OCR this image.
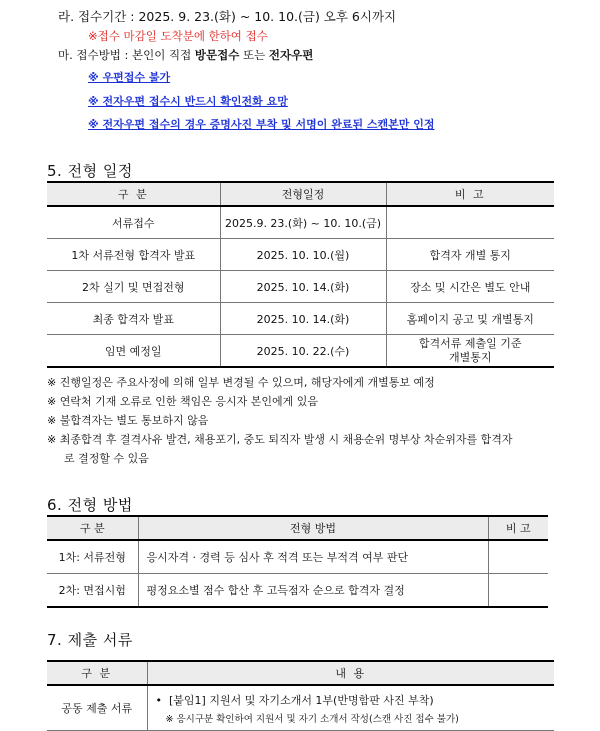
라. 접수기간 : 2025. 9. 23.(화) ~ 10. 10.(금) 오후 6시까지
※접수 마감일 도착분에 한하여 접수
마. 접수방법 : 본인이 직접 방문접수 또는 전자우편
※ 우편접수 불가
※ 전자우편 접수시 반드시 확인전화 요망
※ 전자우편 접수의 경우 증명사진 부착 및 서명이 완료된 스캔본만 인정
5. 전형 일정
구 분	전형일정	비 고
서류접수	2025.9. 23.(화) ~ 10. 10.(금)	
1차 서류전형 합격자 발표	2025. 10. 10.(월)	합격자 개별 통지
2차 실기 및 면접전형	2025. 10. 14.(화)	장소 및 시간은 별도 안내
최종 합격자 발표	2025. 10. 14.(화)	홈페이지 공고 및 개별통지
임면 예정일	2025. 10. 22.(수)	합격서류 제출일 기준
개별통지
※ 진행일정은 주요사정에 의해 일부 변경될 수 있으며, 해당자에게 개별통보 예정
※ 연락처 기재 오류로 인한 책임은 응시자 본인에게 있음
※ 불합격자는 별도 통보하지 않음
※ 최종합격 후 결격사유 발견, 채용포기, 중도 퇴직자 발생 시 채용순위 명부상 차순위자를 합격자
로 결정할 수 있음
6. 전형 방법
구 분	전형 방법	비 고
1차: 서류전형	응시자격 · 경력 등 심사 후 적격 또는 부적격 여부 판단	
2차: 면접시험	평정요소별 점수 합산 후 고득점자 순으로 합격자 결정	
7. 제출 서류
구 분	내 용
공동 제출 서류	•  [붙임1] 지원서 및 자기소개서 1부(반명함판 사진 부착)
※ 응시구분 확인하여 지원서 및 자기 소개서 작성(스캔 사진 접수 불가)
